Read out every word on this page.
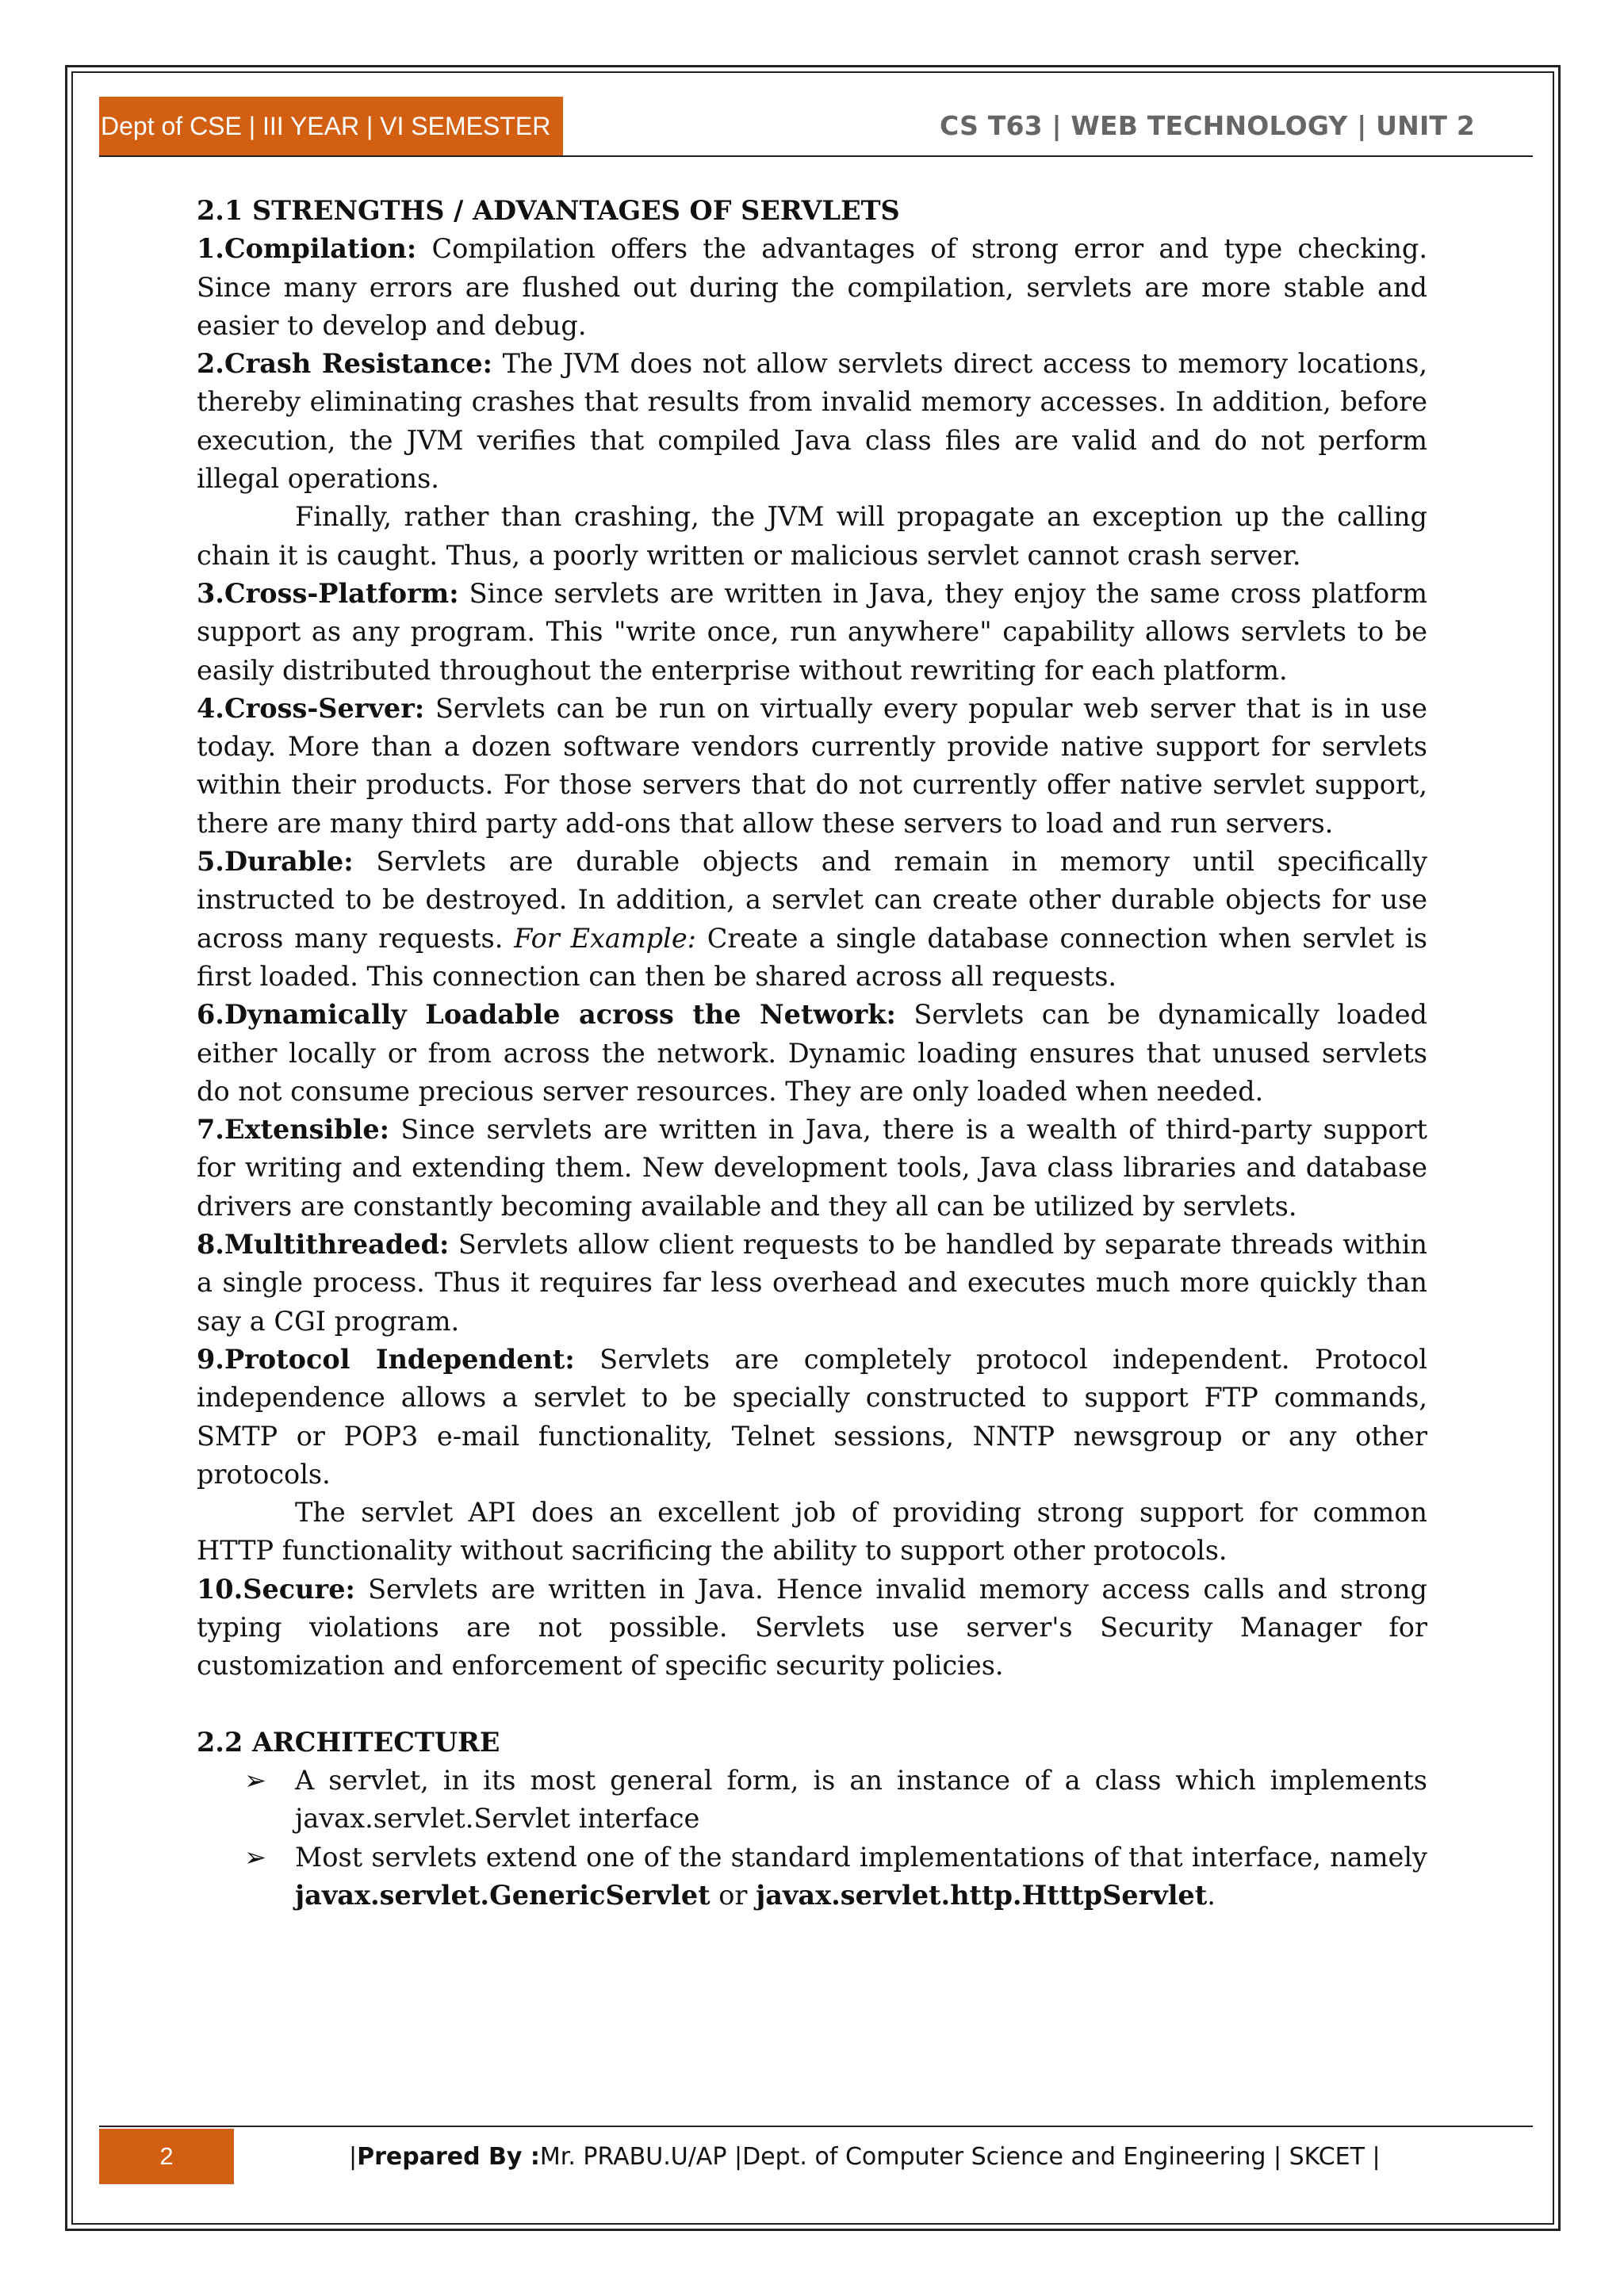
Dept of CSE | III YEAR | VI SEMESTER	CS T63 | WEB TECHNOLOGY | UNIT 2
2.1 STRENGTHS / ADVANTAGES OF SERVLETS

1.Compilation: Compilation offers the advantages of strong error and type checking. Since many errors are flushed out during the compilation, servlets are more stable and easier to develop and debug.

2.Crash Resistance: The JVM does not allow servlets direct access to memory locations, thereby eliminating crashes that results from invalid memory accesses. In addition, before execution, the JVM verifies that compiled Java class files are valid and do not perform illegal operations.

Finally, rather than crashing, the JVM will propagate an exception up the calling chain it is caught. Thus, a poorly written or malicious servlet cannot crash server.

3.Cross-Platform: Since servlets are written in Java, they enjoy the same cross platform support as any program. This "write once, run anywhere" capability allows servlets to be easily distributed throughout the enterprise without rewriting for each platform.

4.Cross-Server: Servlets can be run on virtually every popular web server that is in use today. More than a dozen software vendors currently provide native support for servlets within their products. For those servers that do not currently offer native servlet support, there are many third party add-ons that allow these servers to load and run servers.

5.Durable: Servlets are durable objects and remain in memory until specifically instructed to be destroyed. In addition, a servlet can create other durable objects for use across many requests. For Example: Create a single database connection when servlet is first loaded. This connection can then be shared across all requests.

6.Dynamically Loadable across the Network: Servlets can be dynamically loaded either locally or from across the network. Dynamic loading ensures that unused servlets do not consume precious server resources. They are only loaded when needed.

7.Extensible: Since servlets are written in Java, there is a wealth of third-party support for writing and extending them. New development tools, Java class libraries and database drivers are constantly becoming available and they all can be utilized by servlets.

8.Multithreaded: Servlets allow client requests to be handled by separate threads within a single process. Thus it requires far less overhead and executes much more quickly than say a CGI program.

9.Protocol Independent: Servlets are completely protocol independent. Protocol independence allows a servlet to be specially constructed to support FTP commands, SMTP or POP3 e-mail functionality, Telnet sessions, NNTP newsgroup or any other protocols.

The servlet API does an excellent job of providing strong support for common HTTP functionality without sacrificing the ability to support other protocols.

10.Secure: Servlets are written in Java. Hence invalid memory access calls and strong typing violations are not possible. Servlets use server's Security Manager for customization and enforcement of specific security policies.

2.2 ARCHITECTURE
➢ A servlet, in its most general form, is an instance of a class which implements javax.servlet.Servlet interface
➢ Most servlets extend one of the standard implementations of that interface, namely javax.servlet.GenericServlet or javax.servlet.http.HtttpServlet.
2	| Prepared By : Mr. PRABU.U/AP |Dept. of Computer Science and Engineering | SKCET |
